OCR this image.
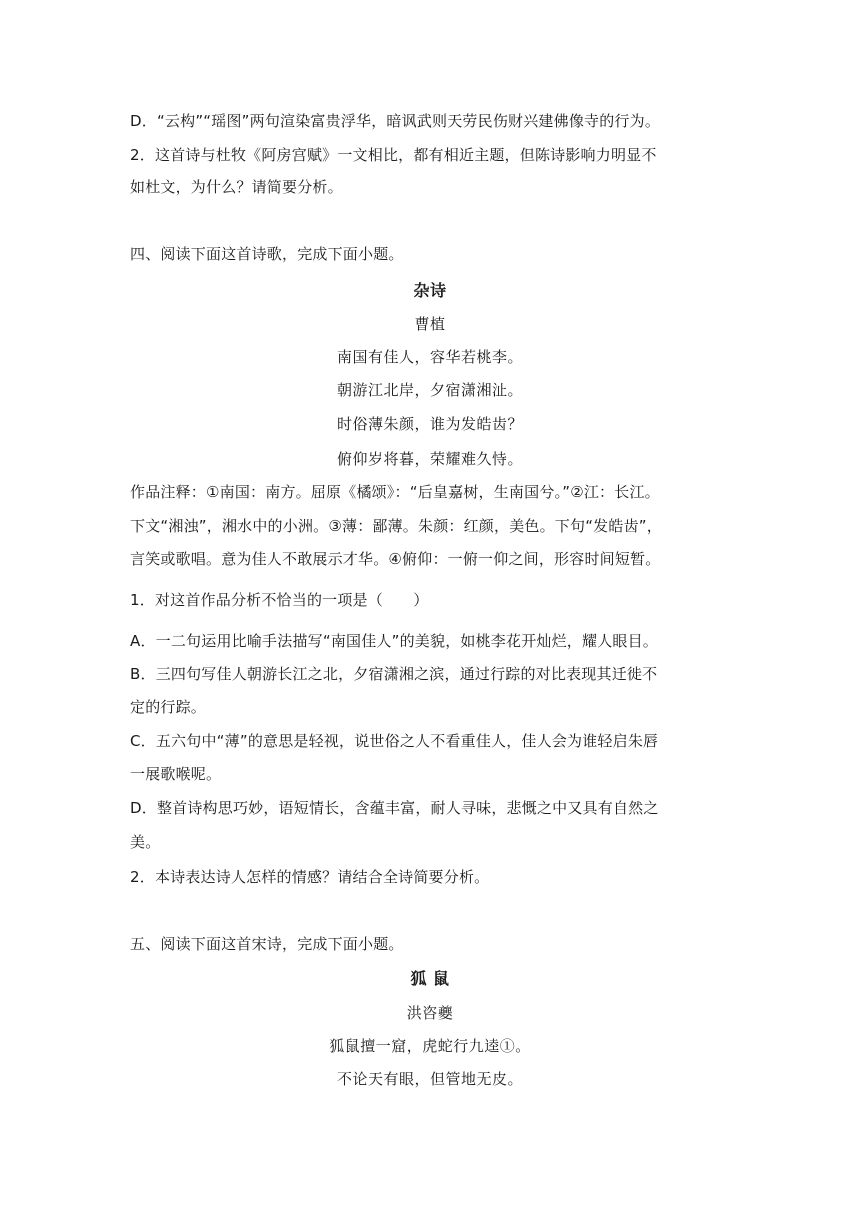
D．“云构”“瑶图”两句渲染富贵浮华，暗讽武则天劳民伤财兴建佛像寺的行为。
2．这首诗与杜牧《阿房宫赋》一文相比，都有相近主题，但陈诗影响力明显不
如杜文，为什么？请简要分析。
四、阅读下面这首诗歌，完成下面小题。
杂诗
曹植
南国有佳人，容华若桃李。
朝游江北岸，夕宿潇湘沚。
时俗薄朱颜，谁为发皓齿？
俯仰岁将暮，荣耀难久恃。
作品注释：①南国：南方。屈原《橘颂》：“后皇嘉树，生南国兮。”②江：长江。
下文“湘浊”，湘水中的小洲。③薄：鄙薄。朱颜：红颜，美色。下句“发皓齿”，
言笑或歌唱。意为佳人不敢展示才华。④俯仰：一俯一仰之间，形容时间短暂。
1．对这首作品分析不恰当的一项是（　　）
A．一二句运用比喻手法描写“南国佳人”的美貌，如桃李花开灿烂，耀人眼目。
B．三四句写佳人朝游长江之北，夕宿潇湘之滨，通过行踪的对比表现其迁徙不
定的行踪。
C．五六句中“薄”的意思是轻视，说世俗之人不看重佳人，佳人会为谁轻启朱唇
一展歌喉呢。
D．整首诗构思巧妙，语短情长，含蕴丰富，耐人寻味，悲慨之中又具有自然之
美。
2．本诗表达诗人怎样的情感？请结合全诗简要分析。
五、阅读下面这首宋诗，完成下面小题。
狐 鼠
洪咨夔
狐鼠擅一窟，虎蛇行九逵①。
不论天有眼，但管地无皮。
